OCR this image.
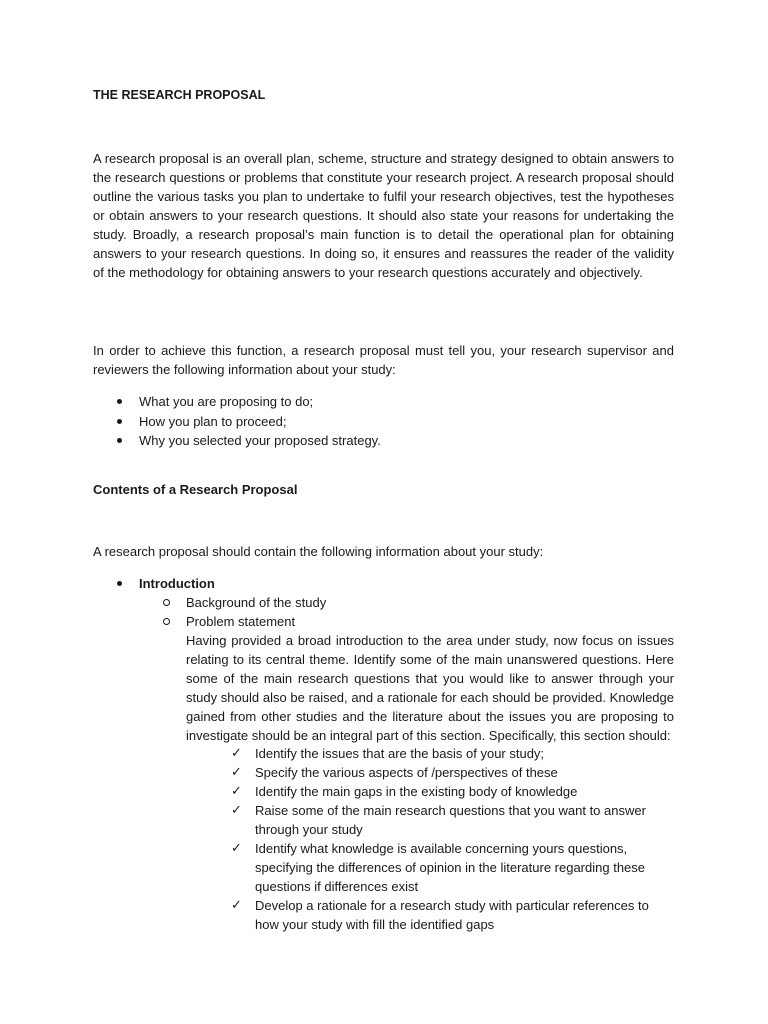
THE RESEARCH PROPOSAL

A research proposal is an overall plan, scheme, structure and strategy designed to obtain answers to the research questions or problems that constitute your research project. A research proposal should outline the various tasks you plan to undertake to fulfil your research objectives, test the hypotheses or obtain answers to your research questions. It should also state your reasons for undertaking the study. Broadly, a research proposal’s main function is to detail the operational plan for obtaining answers to your research questions. In doing so, it ensures and reassures the reader of the validity of the methodology for obtaining answers to your research questions accurately and objectively.

In order to achieve this function, a research proposal must tell you, your research supervisor and reviewers the following information about your study:

What you are proposing to do;
How you plan to proceed;
Why you selected your proposed strategy.

Contents of a Research Proposal

A research proposal should contain the following information about your study:

Introduction
Background of the study
Problem statement

Having provided a broad introduction to the area under study, now focus on issues relating to its central theme. Identify some of the main unanswered questions. Here some of the main research questions that you would like to answer through your study should also be raised, and a rationale for each should be provided. Knowledge gained from other studies and the literature about the issues you are proposing to investigate should be an integral part of this section. Specifically, this section should:

✓ Identify the issues that are the basis of your study;
✓ Specify the various aspects of /perspectives of these
✓ Identify the main gaps in the existing body of knowledge
✓ Raise some of the main research questions that you want to answer through your study
✓ Identify what knowledge is available concerning yours questions, specifying the differences of opinion in the literature regarding these questions if differences exist
✓ Develop a rationale for a research study with particular references to how your study with fill the identified gaps
